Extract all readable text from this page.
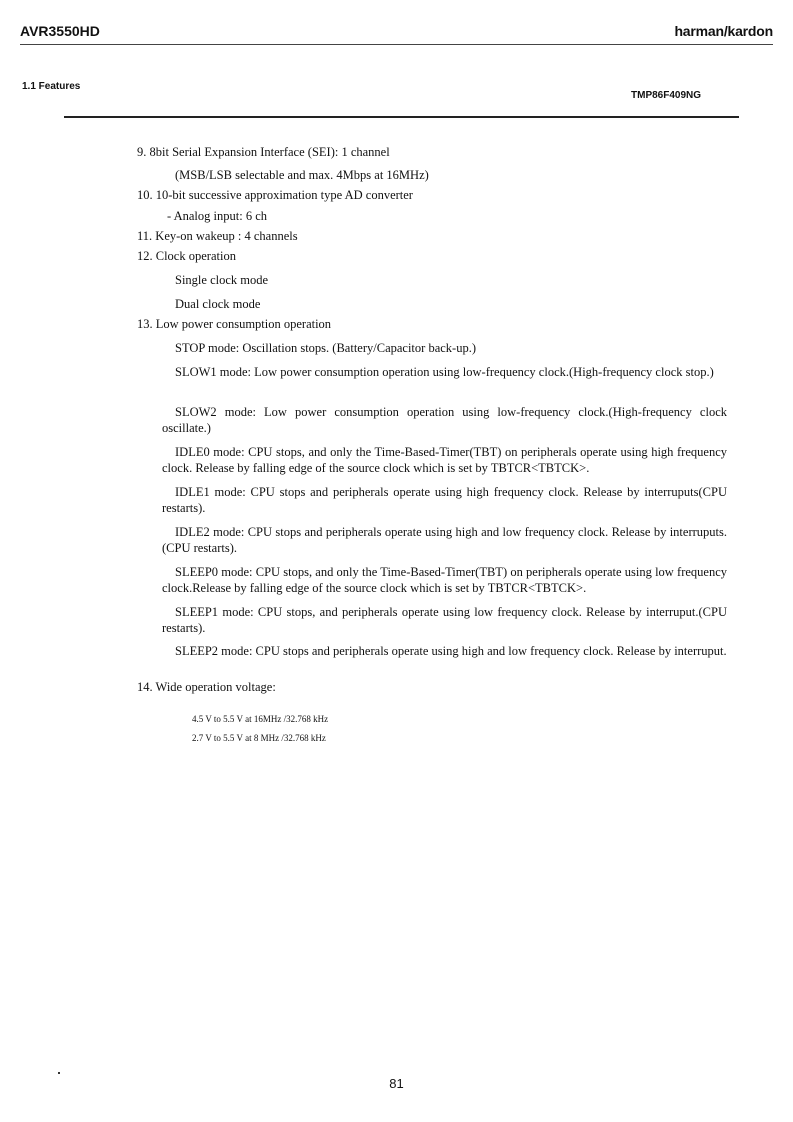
AVR3550HD	harman/kardon
1.1 Features
TMP86F409NG
9. 8bit Serial Expansion Interface (SEI): 1 channel
(MSB/LSB selectable and max. 4Mbps at 16MHz)
10. 10-bit successive approximation type AD converter
- Analog input: 6 ch
11. Key-on wakeup : 4 channels
12. Clock operation
Single clock mode
Dual clock mode
13. Low power consumption operation
STOP mode: Oscillation stops. (Battery/Capacitor back-up.)
SLOW1 mode: Low power consumption operation using low-frequency clock.(High-frequency clock stop.)
SLOW2 mode: Low power consumption operation using low-frequency clock.(High-frequency clock oscillate.)
IDLE0 mode: CPU stops, and only the Time-Based-Timer(TBT) on peripherals operate using high frequency clock. Release by falling edge of the source clock which is set by TBTCR<TBTCK>.
IDLE1 mode: CPU stops and peripherals operate using high frequency clock. Release by interruputs(CPU restarts).
IDLE2 mode: CPU stops and peripherals operate using high and low frequency clock. Release by interruputs. (CPU restarts).
SLEEP0 mode: CPU stops, and only the Time-Based-Timer(TBT) on peripherals operate using low frequency clock.Release by falling edge of the source clock which is set by TBTCR<TBTCK>.
SLEEP1 mode: CPU stops, and peripherals operate using low frequency clock. Release by interruput.(CPU restarts).
SLEEP2 mode: CPU stops and peripherals operate using high and low frequency clock. Release by interruput.
14. Wide operation voltage:
4.5 V to 5.5 V at 16MHz /32.768 kHz
2.7 V to 5.5 V at 8 MHz /32.768 kHz
81
